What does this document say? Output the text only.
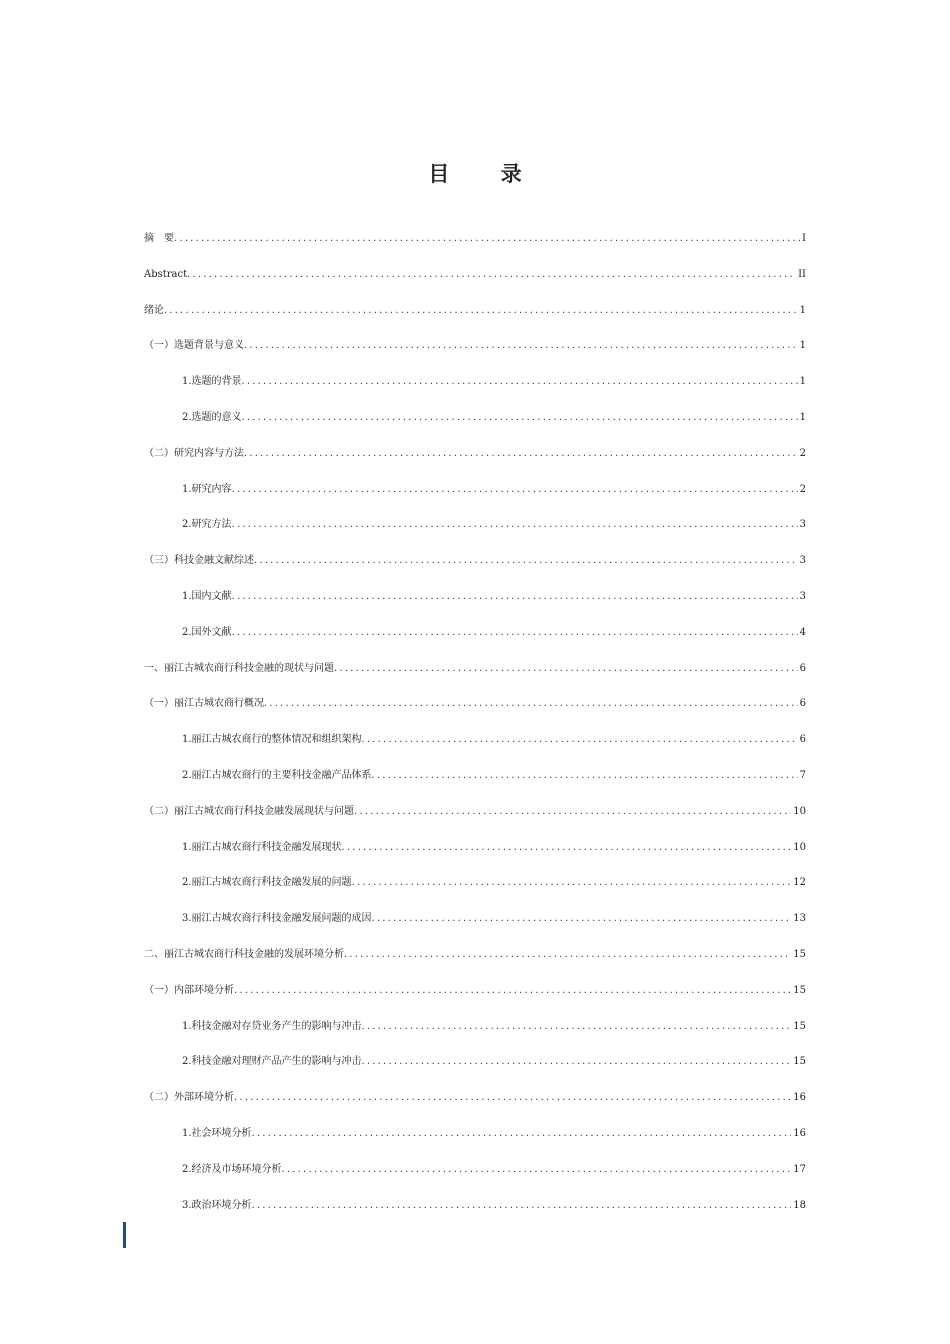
目 录
摘　要 .....	I
Abstract .....	II
绪论 .....	1
（一）选题背景与意义 .....	1
1.选题的背景 .....	1
2.选题的意义 .....	1
（二）研究内容与方法 .....	2
1.研究内容 .....	2
2.研究方法 .....	3
（三）科技金融文献综述 .....	3
1.国内文献 .....	3
2.国外文献 .....	4
一、丽江古城农商行科技金融的现状与问题 .....	6
（一）丽江古城农商行概况 .....	6
1.丽江古城农商行的整体情况和组织架构 .....	6
2.丽江古城农商行的主要科技金融产品体系 .....	7
（二）丽江古城农商行科技金融发展现状与问题 .....	10
1.丽江古城农商行科技金融发展现状 .....	10
2.丽江古城农商行科技金融发展的问题 .....	12
3.丽江古城农商行科技金融发展问题的成因 .....	13
二、丽江古城农商行科技金融的发展环境分析 .....	15
（一）内部环境分析 .....	15
1.科技金融对存贷业务产生的影响与冲击 .....	15
2.科技金融对理财产品产生的影响与冲击 .....	15
（二）外部环境分析 .....	16
1.社会环境分析 .....	16
2.经济及市场环境分析 .....	17
3.政治环境分析 .....	18
